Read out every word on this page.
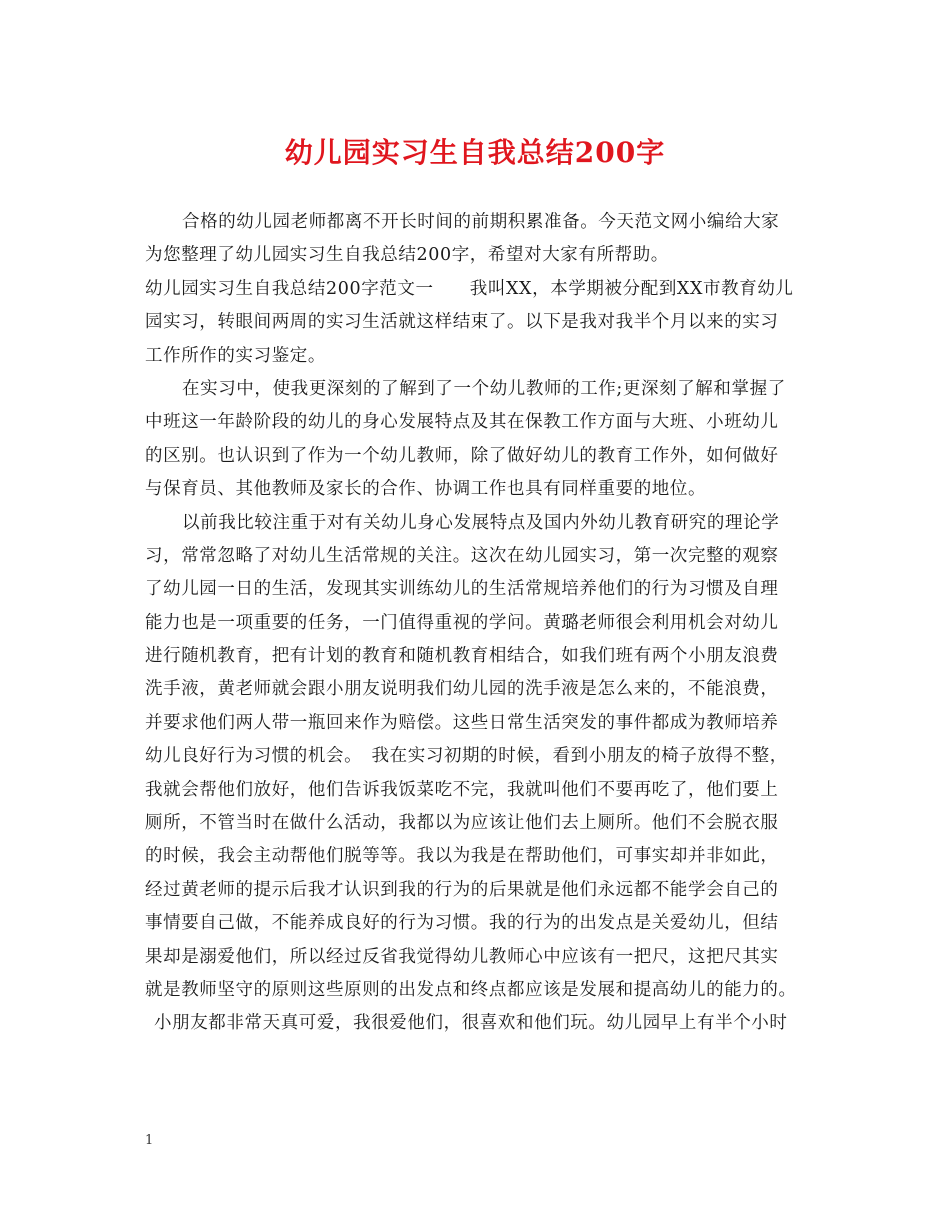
幼儿园实习生自我总结200字
合格的幼儿园老师都离不开长时间的前期积累准备。今天范文网小编给大家
为您整理了幼儿园实习生自我总结200字，希望对大家有所帮助。
幼儿园实习生自我总结200字范文一　　我叫XX，本学期被分配到XX市教育幼儿
园实习，转眼间两周的实习生活就这样结束了。以下是我对我半个月以来的实习
工作所作的实习鉴定。
在实习中，使我更深刻的了解到了一个幼儿教师的工作;更深刻了解和掌握了
中班这一年龄阶段的幼儿的身心发展特点及其在保教工作方面与大班、小班幼儿
的区别。也认识到了作为一个幼儿教师，除了做好幼儿的教育工作外，如何做好
与保育员、其他教师及家长的合作、协调工作也具有同样重要的地位。
以前我比较注重于对有关幼儿身心发展特点及国内外幼儿教育研究的理论学
习，常常忽略了对幼儿生活常规的关注。这次在幼儿园实习，第一次完整的观察
了幼儿园一日的生活，发现其实训练幼儿的生活常规培养他们的行为习惯及自理
能力也是一项重要的任务，一门值得重视的学问。黄璐老师很会利用机会对幼儿
进行随机教育，把有计划的教育和随机教育相结合，如我们班有两个小朋友浪费
洗手液，黄老师就会跟小朋友说明我们幼儿园的洗手液是怎么来的，不能浪费，
并要求他们两人带一瓶回来作为赔偿。这些日常生活突发的事件都成为教师培养
幼儿良好行为习惯的机会。　我在实习初期的时候，看到小朋友的椅子放得不整，
我就会帮他们放好，他们告诉我饭菜吃不完，我就叫他们不要再吃了，他们要上
厕所，不管当时在做什么活动，我都以为应该让他们去上厕所。他们不会脱衣服
的时候，我会主动帮他们脱等等。我以为我是在帮助他们，可事实却并非如此，
经过黄老师的提示后我才认识到我的行为的后果就是他们永远都不能学会自己的
事情要自己做，不能养成良好的行为习惯。我的行为的出发点是关爱幼儿，但结
果却是溺爱他们，所以经过反省我觉得幼儿教师心中应该有一把尺，这把尺其实
就是教师坚守的原则这些原则的出发点和终点都应该是发展和提高幼儿的能力的。
小朋友都非常天真可爱，我很爱他们，很喜欢和他们玩。幼儿园早上有半个小时
1
